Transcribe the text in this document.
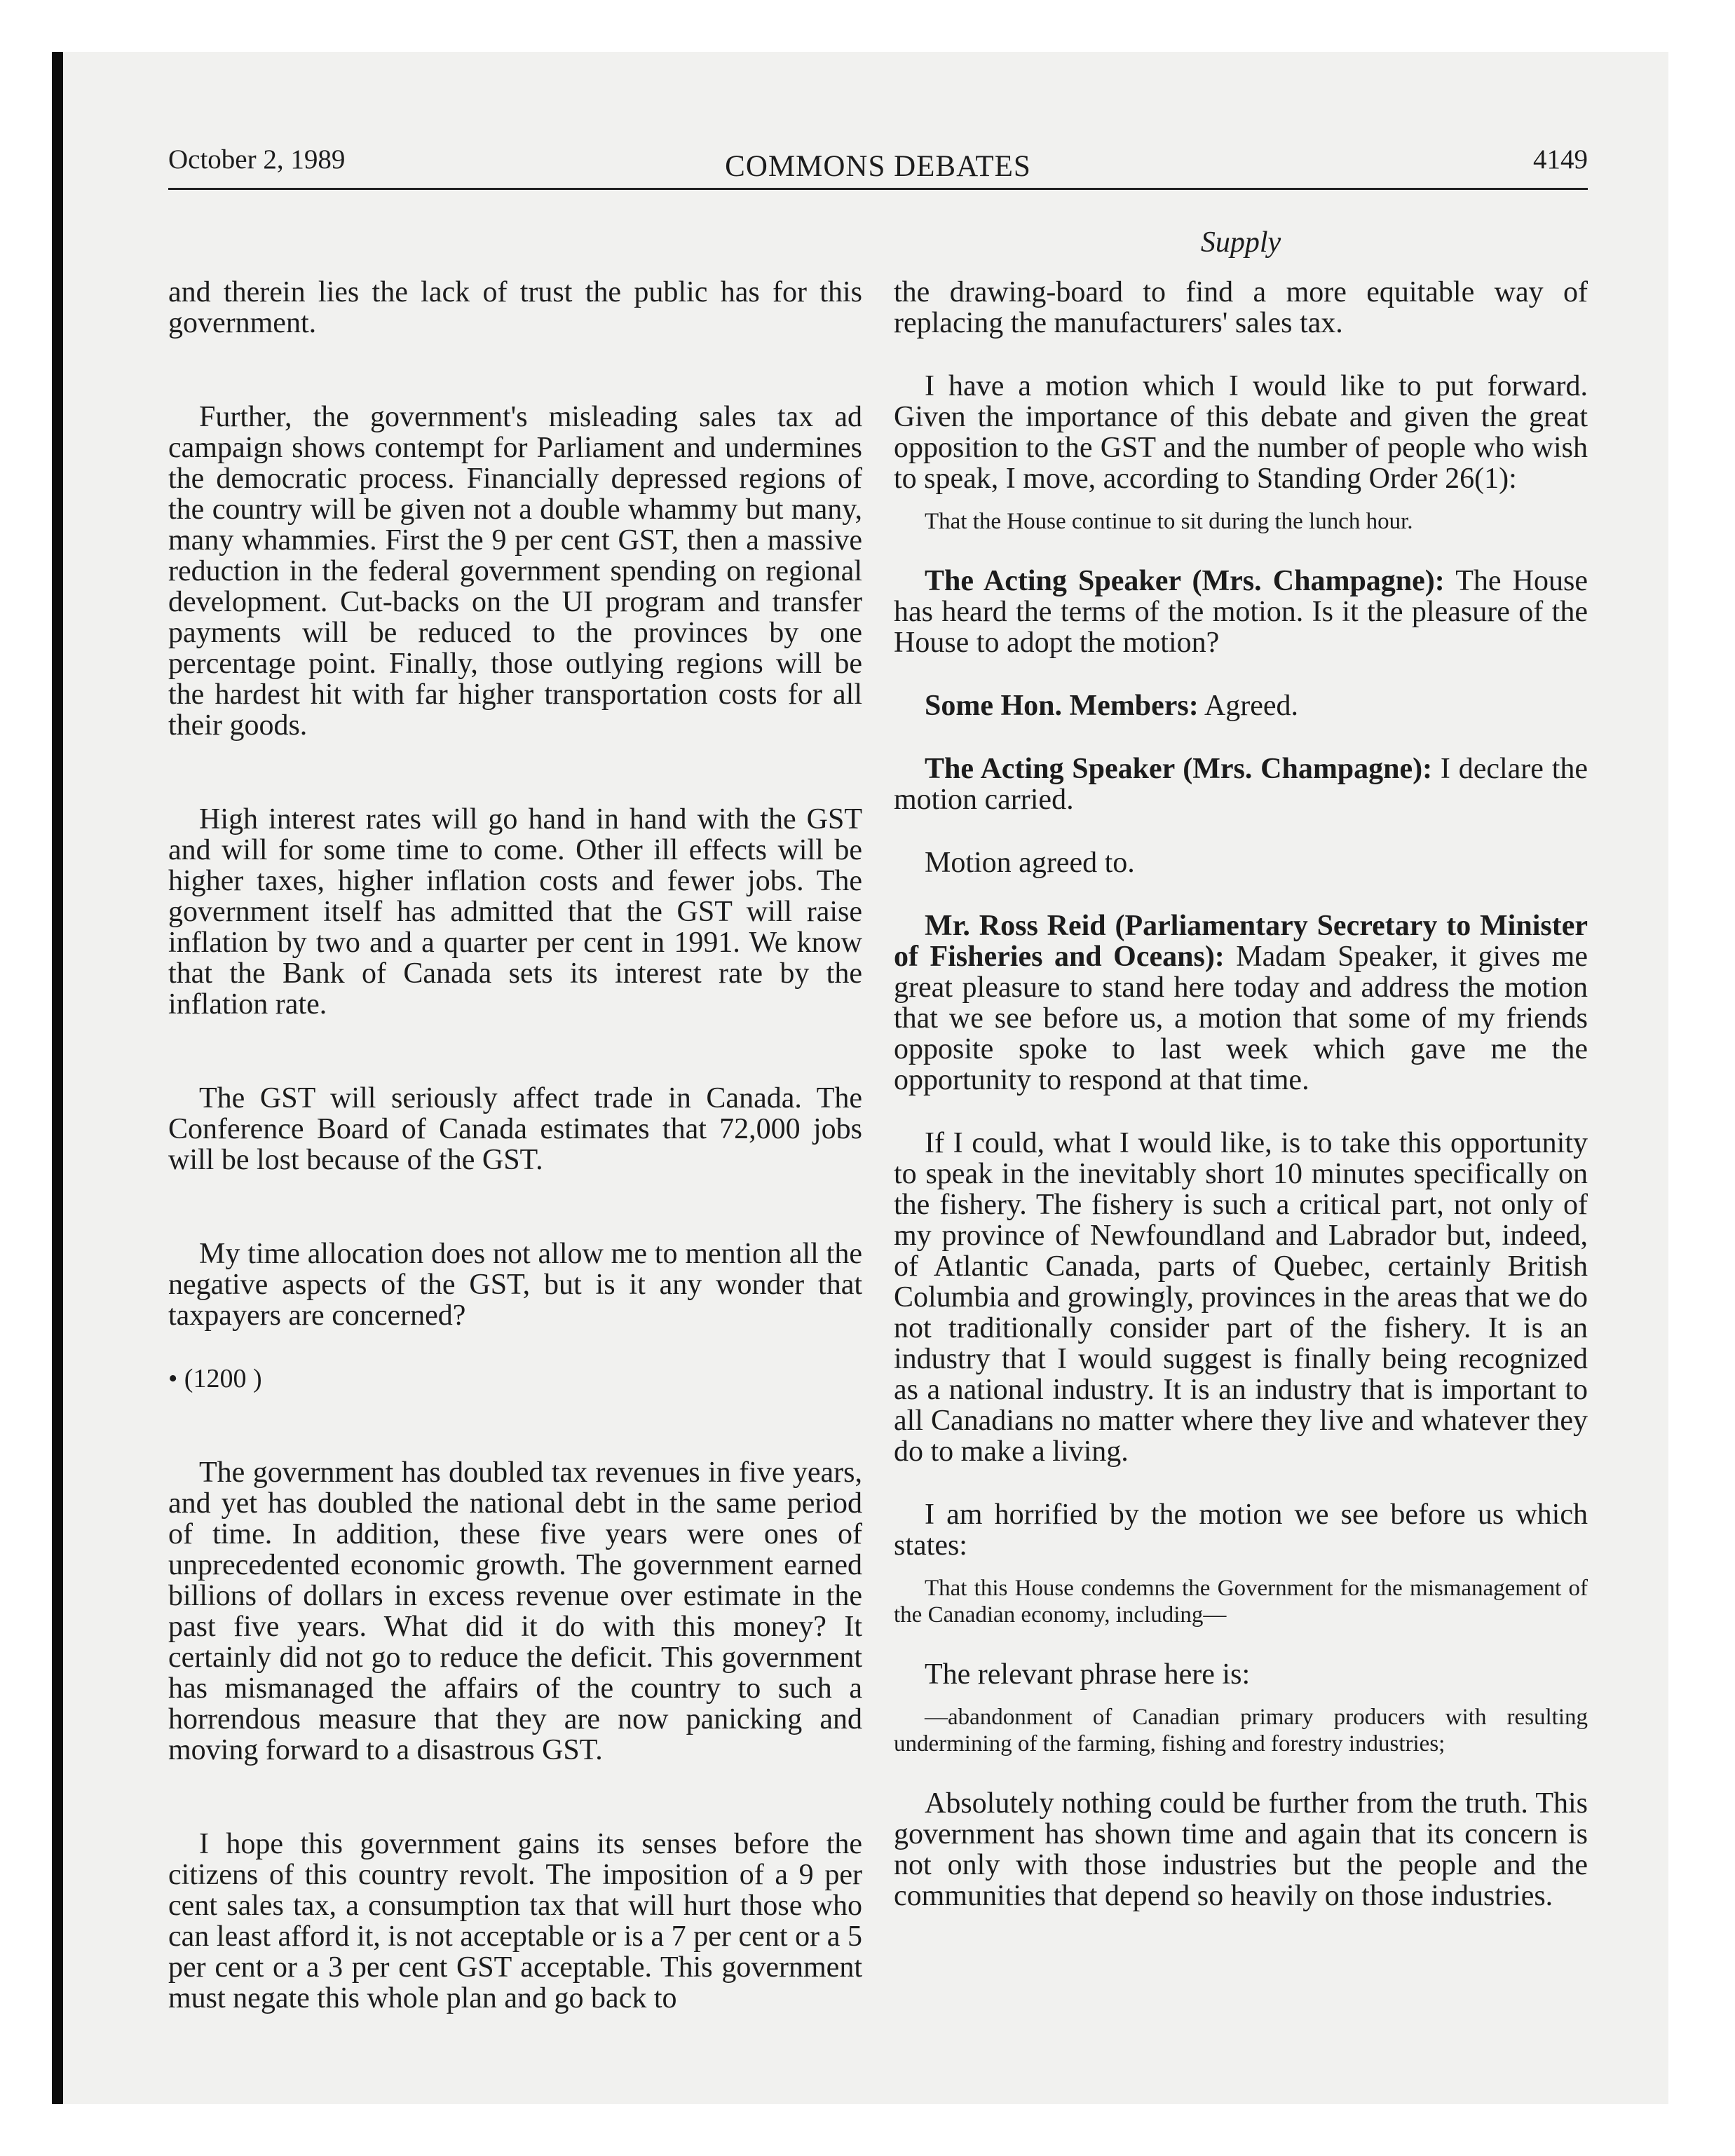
October 2, 1989	COMMONS DEBATES	4149
Supply

and therein lies the lack of trust the public has for this government.

Further, the government's misleading sales tax ad campaign shows contempt for Parliament and undermines the democratic process. Financially depressed regions of the country will be given not a double whammy but many, many whammies. First the 9 per cent GST, then a massive reduction in the federal government spending on regional development. Cut-backs on the UI program and transfer payments will be reduced to the provinces by one percentage point. Finally, those outlying regions will be the hardest hit with far higher transportation costs for all their goods.

High interest rates will go hand in hand with the GST and will for some time to come. Other ill effects will be higher taxes, higher inflation costs and fewer jobs. The government itself has admitted that the GST will raise inflation by two and a quarter per cent in 1991. We know that the Bank of Canada sets its interest rate by the inflation rate.

The GST will seriously affect trade in Canada. The Conference Board of Canada estimates that 72,000 jobs will be lost because of the GST.

My time allocation does not allow me to mention all the negative aspects of the GST, but is it any wonder that taxpayers are concerned?

• (1200 )

The government has doubled tax revenues in five years, and yet has doubled the national debt in the same period of time. In addition, these five years were ones of unprecedented economic growth. The government earned billions of dollars in excess revenue over estimate in the past five years. What did it do with this money? It certainly did not go to reduce the deficit. This government has mismanaged the affairs of the country to such a horrendous measure that they are now panicking and moving forward to a disastrous GST.

I hope this government gains its senses before the citizens of this country revolt. The imposition of a 9 per cent sales tax, a consumption tax that will hurt those who can least afford it, is not acceptable or is a 7 per cent or a 5 per cent or a 3 per cent GST acceptable. This government must negate this whole plan and go back to

the drawing-board to find a more equitable way of replacing the manufacturers' sales tax.

I have a motion which I would like to put forward. Given the importance of this debate and given the great opposition to the GST and the number of people who wish to speak, I move, according to Standing Order 26(1):

That the House continue to sit during the lunch hour.

The Acting Speaker (Mrs. Champagne): The House has heard the terms of the motion. Is it the pleasure of the House to adopt the motion?

Some Hon. Members: Agreed.

The Acting Speaker (Mrs. Champagne): I declare the motion carried.

Motion agreed to.

Mr. Ross Reid (Parliamentary Secretary to Minister of Fisheries and Oceans): Madam Speaker, it gives me great pleasure to stand here today and address the motion that we see before us, a motion that some of my friends opposite spoke to last week which gave me the opportunity to respond at that time.

If I could, what I would like, is to take this opportunity to speak in the inevitably short 10 minutes specifically on the fishery. The fishery is such a critical part, not only of my province of Newfoundland and Labrador but, indeed, of Atlantic Canada, parts of Quebec, certainly British Columbia and growingly, provinces in the areas that we do not traditionally consider part of the fishery. It is an industry that I would suggest is finally being recognized as a national industry. It is an industry that is important to all Canadians no matter where they live and whatever they do to make a living.

I am horrified by the motion we see before us which states:

That this House condemns the Government for the mismanagement of the Canadian economy, including—

The relevant phrase here is:

—abandonment of Canadian primary producers with resulting undermining of the farming, fishing and forestry industries;

Absolutely nothing could be further from the truth. This government has shown time and again that its concern is not only with those industries but the people and the communities that depend so heavily on those industries.
